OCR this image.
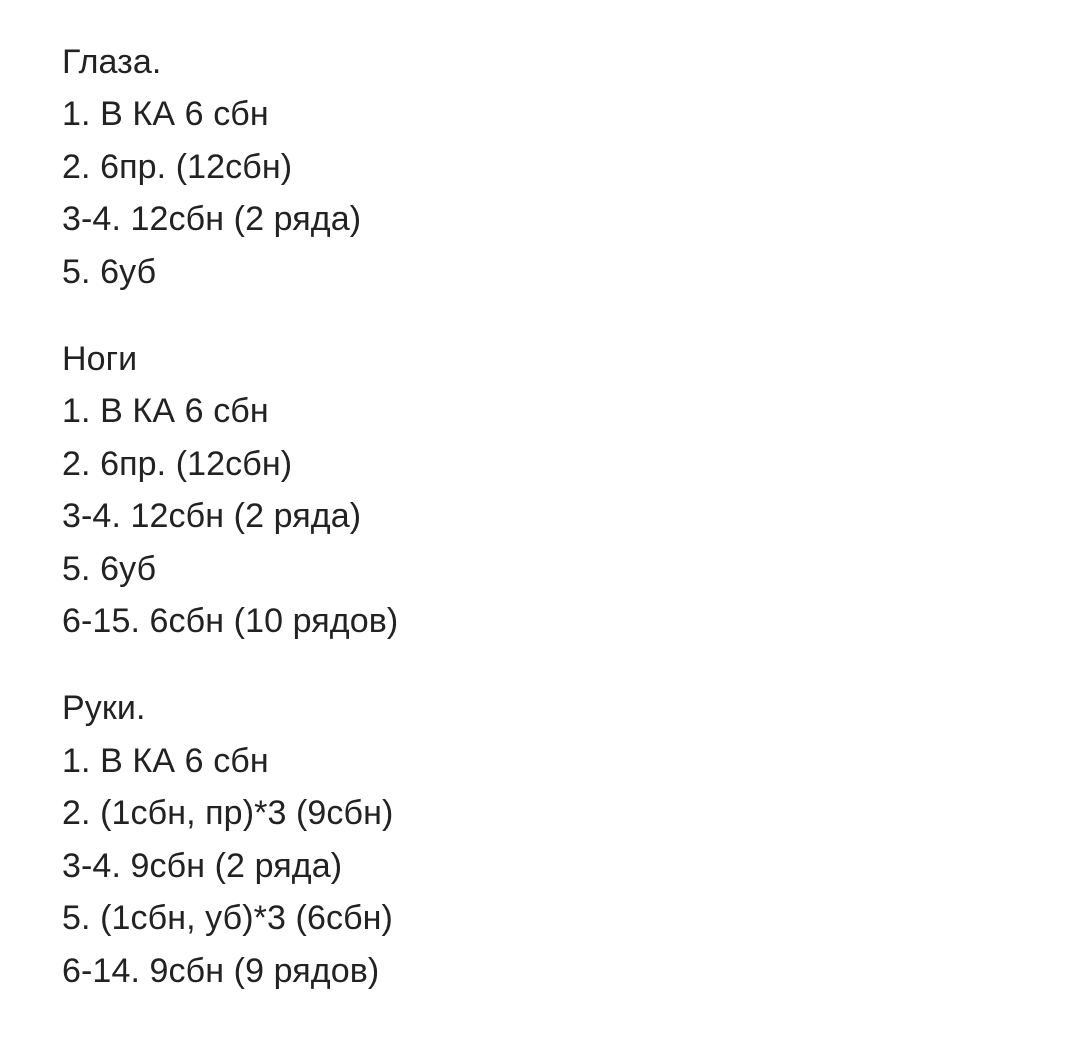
Глаза.
1. В КА 6 сбн
2. 6пр. (12сбн)
3-4. 12сбн (2 ряда)
5. 6уб
Ноги
1. В КА 6 сбн
2. 6пр. (12сбн)
3-4. 12сбн (2 ряда)
5. 6уб
6-15. 6сбн (10 рядов)
Руки.
1. В КА 6 сбн
2. (1сбн, пр)*3 (9сбн)
3-4. 9сбн (2 ряда)
5. (1сбн, уб)*3 (6сбн)
6-14. 9сбн (9 рядов)
